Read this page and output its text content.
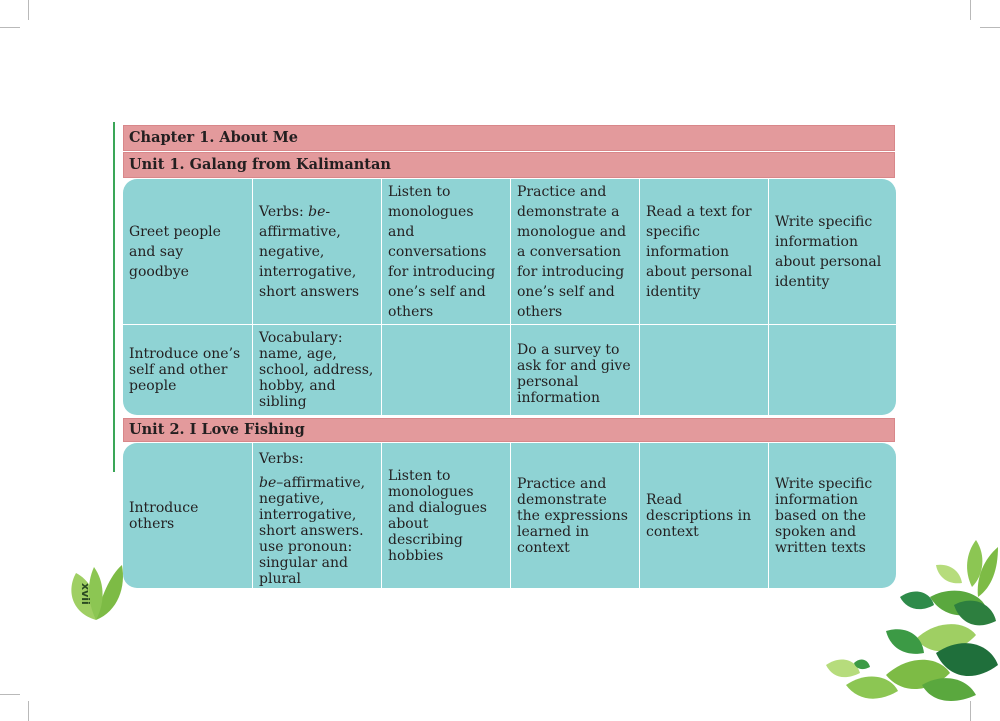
Chapter 1. About Me
Unit 1. Galang from Kalimantan
Greet people and say goodbye
Introduce one’s self and other people
Verbs: be-affirmative, negative, interrogative, short answers
Vocabulary: name, age, school, address, hobby, and sibling
Listen to monologues and conversations for introducing one’s self and others
Practice and demonstrate a monologue and a conversation for introducing one’s self and others
Do a survey to ask for and give personal information
Read a text for specific information about personal identity
Write specific information about personal identity
Unit 2. I Love Fishing
Introduce others
Verbs:
be–affirmative, negative, interrogative, short answers. use pronoun: singular and plural
Listen to monologues and dialogues about describing hobbies
Practice and demonstrate the expressions learned in context
Read descriptions in context
Write specific information based on the spoken and written texts
xvii
